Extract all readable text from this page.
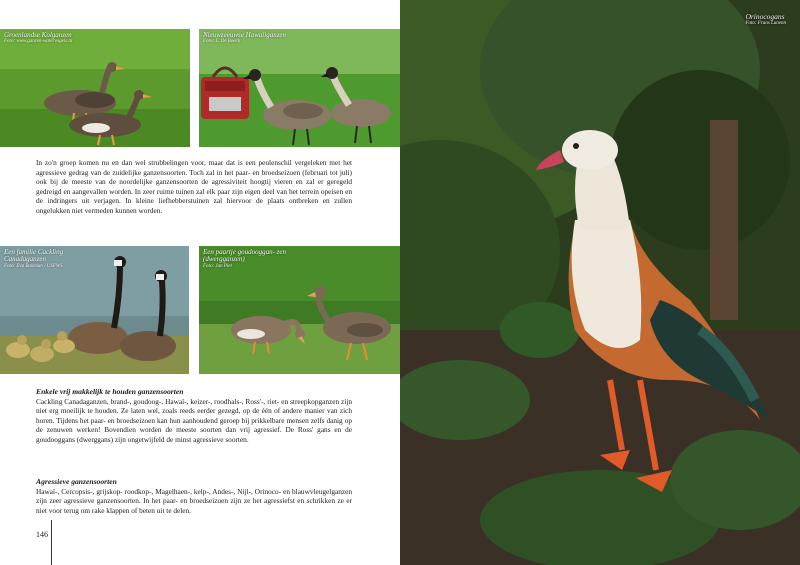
Groenlandse Kolganzen
Foto: www.ganzen-watervogels.nl
Nieuwzeeuwse Hawaiiganzen
Foto: L. De Boeck

In zo'n groep komen nu en dan wel strubbelingen voor, maar dat is een peulenschil vergeleken met het agressieve gedrag van de zuidelijke ganzensoorten. Toch zal in het paar- en broedseizoen (februari tot juli) ook bij de meeste van de noordelijke ganzensoorten de agressiviteit hoogtij vieren en zal er geregeld gedreigd en aangevallen worden. In zeer ruime tuinen zal elk paar zijn eigen deel van het terrein opeisen en de indringers uit verjagen. In kleine liefhebberstuinen zal hiervoor de plaats ontbreken en zullen ongelukken niet vermeden kunnen worden.

Een familie Cackling Canadaganzen
Foto: Eva Bowman / USFWS
Een paartje goudooggan- zen (dwergganzen)
Foto: Jan Piet

Enkele vrij makkelijk te houden ganzensoorten

Cackling Canadaganzen, brand-, goudoog-, Hawaï-, keizer-, roodhals-, Ross'-, riet- en streepkopganzen zijn niet erg moeilijk te houden. Ze laten wel, zoals reeds eerder gezegd, op de één of andere manier van zich horen. Tijdens het paar- en broedseizoen kan hun aanhoudend geroep bij prikkelbare mensen zelfs danig op de zenuwen werken! Bovendien worden de meeste soorten dan vrij agressief. De Ross' gans en de goudooggans (dwerggans) zijn ongetwijfeld de minst agressieve soorten.

Agressieve ganzensoorten

Hawaï-, Cercopsis-, grijskop- roodkop-, Magelhaen-, kelp-, Andes-, Nijl-, Orinoco- en blauwvleugelganzen zijn zeer agressieve ganzensoorten. In het paar- en broedseizoen zijn ze het agressiefst en schrikken ze er niet voor terug om rake klappen of beten uit te delen.

146
Orinocogans
Foto: Frans Lunenn
